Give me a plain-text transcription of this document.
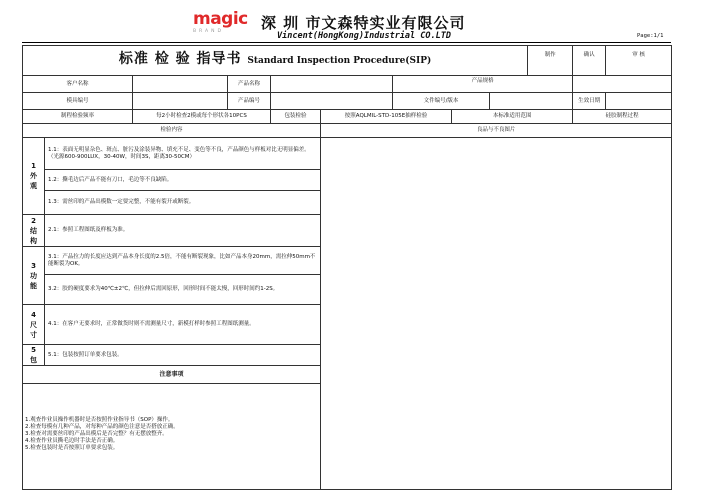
magic
BRAND	深 圳 市文森特实业有限公司
Vincent(HongKong)Industrial CO.LTD	Page:1/1
标准 检 验 指导书 Standard Inspection Procedure(SIP)									制作	确认	审 核
客户名称			产品名称			产品规格					
模具编号			产品编号			文件编号/版本				生效日期	
制程检验频率		每2小时检查2模或每个形状各10PCS		包装检验	按照AQLMIL-STD-105E抽样检验		本标准适用范围			硅胶制程过程	
检验内容					良品与不良图片						

1
外
观	1.1：表面无明显杂色、斑点、脏污及涂装异物、填充不足、变色等不良，产品颜色与样板对比无明显偏差。（光源600-900LUX，30-40W，时间3S，距离30-50CM）										
	1.2：撕毛边后产品不能有刀口，毛边等不良缺陷。										
	1.3：需丝印的产品出模数一定要完整，不能有裂开或断裂。										

2
结
构	2.1：参照工程图纸及样板为准。										

3
功
能	3.1：产品拉力的长度应达到产品本身长度的2.5倍，不能有断裂现象，比如产品本身20mm，需拉伸50mm不能断裂为OK。										
	3.2：胶的硬度要求为40℃±2℃，但拉伸后需回原形，回形时间不能太慢，回形时间约1-2S。										

4
尺
寸	4.1：在客户无要求时，正常做货时则不需测量尺寸，新模打样时参照工程图纸测量。										

5
包	5.1：包装按照订单要求包装。										
注意事项											

1.观查作业员操作机器时是否按照作业指导书（SOP）操作。
2.检查每模有几种产品，对每种产品的颜色注意是否搭放正确。
3.检查对需要丝印的产品出模后是否完整？有无摆放整齐。
4.检查作业员撕毛边时手法是否正确。
5.检查包装时是否按照订单要求包装。											
